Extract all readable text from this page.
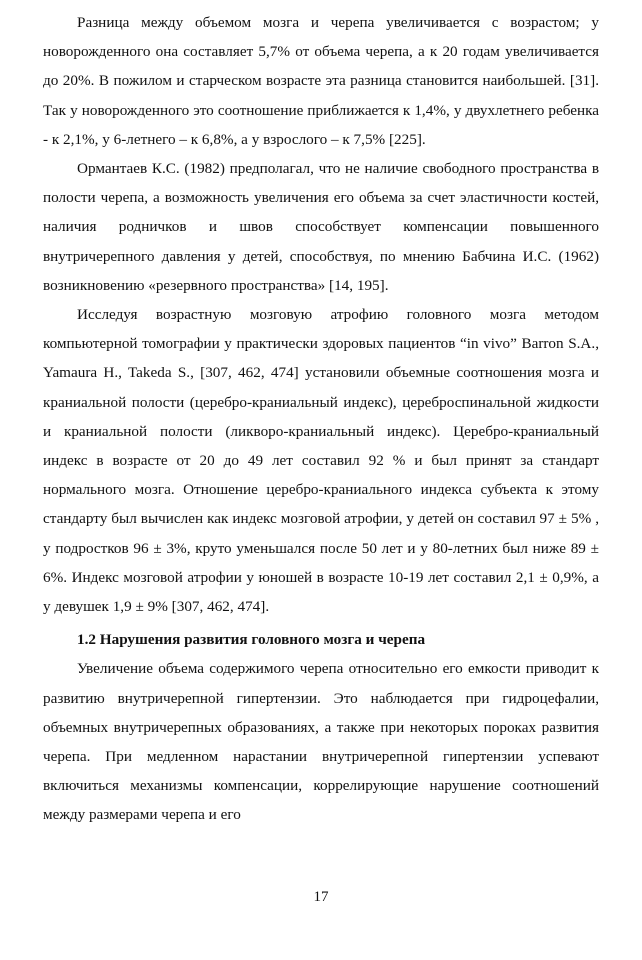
Разница между объемом мозга и черепа увеличивается с возрастом; у новорожденного она составляет 5,7% от объема черепа, а к 20 годам увеличивается до 20%. В пожилом и старческом возрасте эта разница становится наибольшей. [31]. Так у новорожденного это соотношение приближается к 1,4%, у двухлетнего ребенка - к 2,1%, у 6-летнего – к 6,8%, а у взрослого – к 7,5% [225].

Ормантаев К.С. (1982) предполагал, что не наличие свободного пространства в полости черепа, а возможность увеличения его объема за счет эластичности костей, наличия родничков и швов способствует компенсации повышенного внутричерепного давления у детей, способствуя, по мнению Бабчина И.С. (1962) возникновению «резервного пространства» [14, 195].

Исследуя возрастную мозговую атрофию головного мозга методом компьютерной томографии у практически здоровых пациентов “in vivo” Barron S.A., Yamaura H., Takeda S., [307, 462, 474] установили объемные соотношения мозга и краниальной полости (церебро-краниальный индекс), цереброспинальной жидкости и краниальной полости (ликворо-краниальный индекс). Церебро-краниальный индекс в возрасте от 20 до 49 лет составил 92 % и был принят за стандарт нормального мозга. Отношение церебро-краниального индекса субъекта к этому стандарту был вычислен как индекс мозговой атрофии, у детей он составил 97 ± 5% , у подростков 96 ± 3%, круто уменьшался после 50 лет и у 80-летних был ниже 89 ± 6%. Индекс мозговой атрофии у юношей в возрасте 10-19 лет составил 2,1 ± 0,9%, а у девушек 1,9 ± 9% [307, 462, 474].

1.2 Нарушения развития головного мозга и черепа

Увеличение объема содержимого черепа относительно его емкости приводит к развитию внутричерепной гипертензии. Это наблюдается при гидроцефалии, объемных внутричерепных образованиях, а также при некоторых пороках развития черепа. При медленном нарастании внутричерепной гипертензии успевают включиться механизмы компенсации, коррелирующие нарушение соотношений между размерами черепа и его

17
